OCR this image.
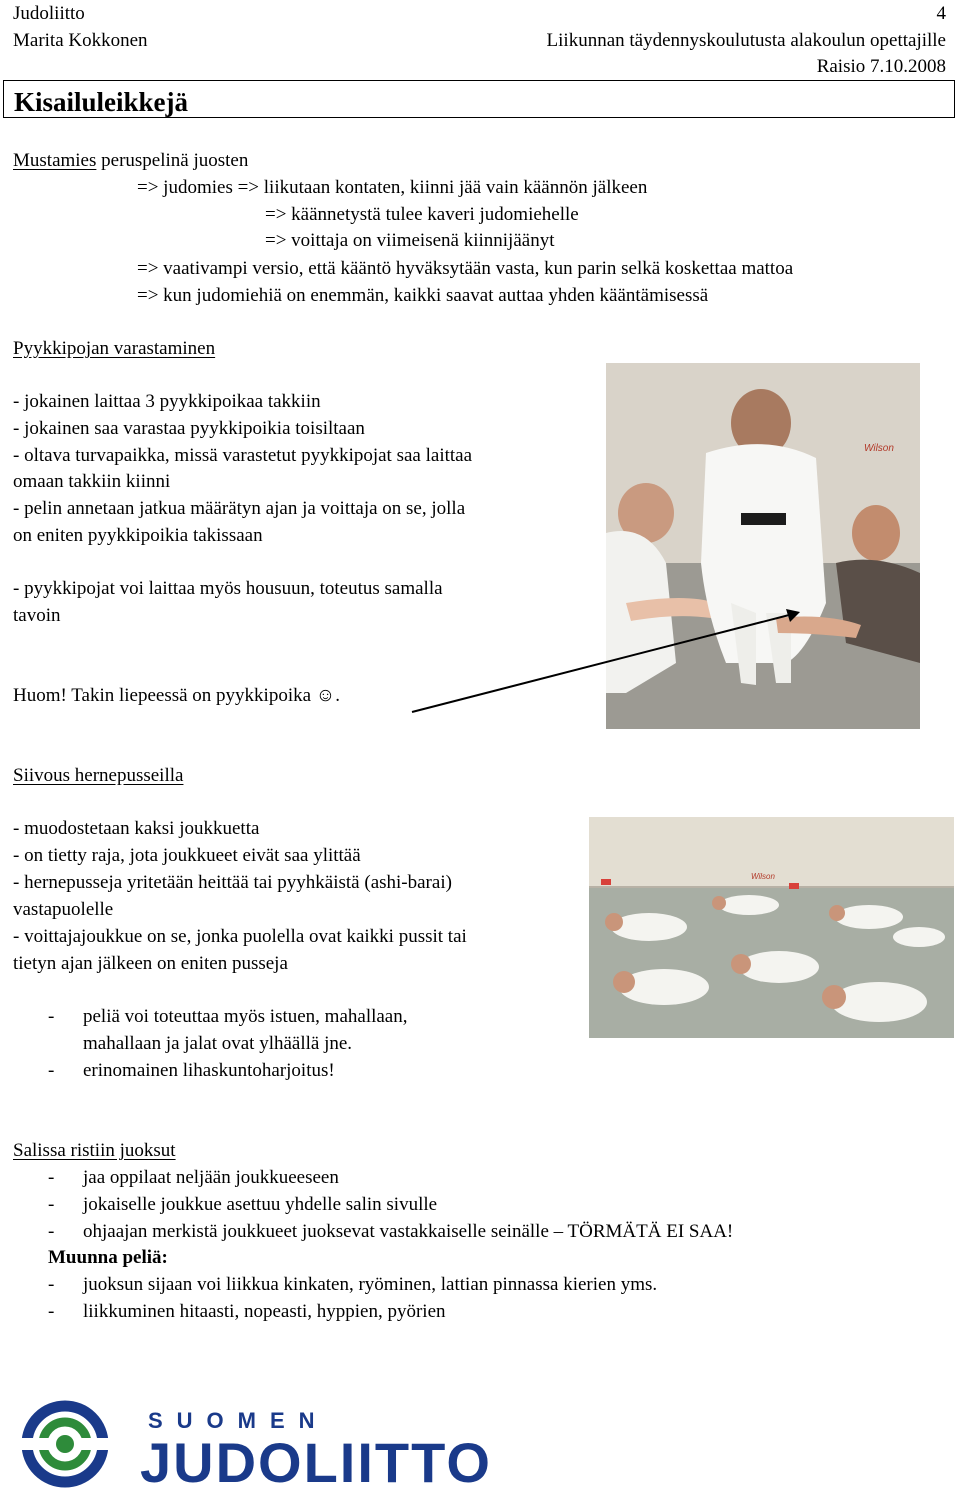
Judoliitto	4
Marita Kokkonen	Liikunnan täydennyskoulutusta alakoulun opettajille
Raisio 7.10.2008
Kisailuleikkejä
Mustamies peruspelinä juosten
=> judomies => liikutaan kontaten, kiinni jää vain käännön jälkeen
=> käännetystä tulee kaveri judomiehelle
=> voittaja on viimeisenä kiinnijäänyt
=> vaativampi versio, että kääntö hyväksytään vasta, kun parin selkä koskettaa mattoa
=> kun judomiehiä on enemmän, kaikki saavat auttaa yhden kääntämisessä
Pyykkipojan varastaminen
- jokainen laittaa 3 pyykkipoikaa takkiin
- jokainen saa varastaa pyykkipoikia toisiltaan
- oltava turvapaikka, missä varastetut pyykkipojat saa laittaa
omaan takkiin kiinni
- pelin annetaan jatkua määrätyn ajan ja voittaja on se, jolla
on eniten pyykkipoikia takissaan
- pyykkipojat voi laittaa myös housuun, toteutus samalla
tavoin
Huom! Takin liepeessä on pyykkipoika ☺.
Wilson
Siivous hernepusseilla
- muodostetaan kaksi joukkuetta
- on tietty raja, jota joukkueet eivät saa ylittää
- hernepusseja yritetään heittää tai pyyhkäistä (ashi-barai)
vastapuolelle
- voittajajoukkue on se, jonka puolella ovat kaikki pussit tai
tietyn ajan jälkeen on eniten pusseja
- peliä voi toteuttaa myös istuen, mahallaan,
mahallaan ja jalat ovat ylhäällä jne.
- erinomainen lihaskuntoharjoitus!
Wilson
Salissa ristiin juoksut
- jaa oppilaat neljään joukkueeseen
- jokaiselle joukkue asettuu yhdelle salin sivulle
- ohjaajan merkistä joukkueet juoksevat vastakkaiselle seinälle – TÖRMÄTÄ EI SAA!
Muunna peliä:
- juoksun sijaan voi liikkua kinkaten, ryöminen, lattian pinnassa kierien yms.
- liikkuminen hitaasti, nopeasti, hyppien, pyörien
SUOMEN
JUDOLIITTO
